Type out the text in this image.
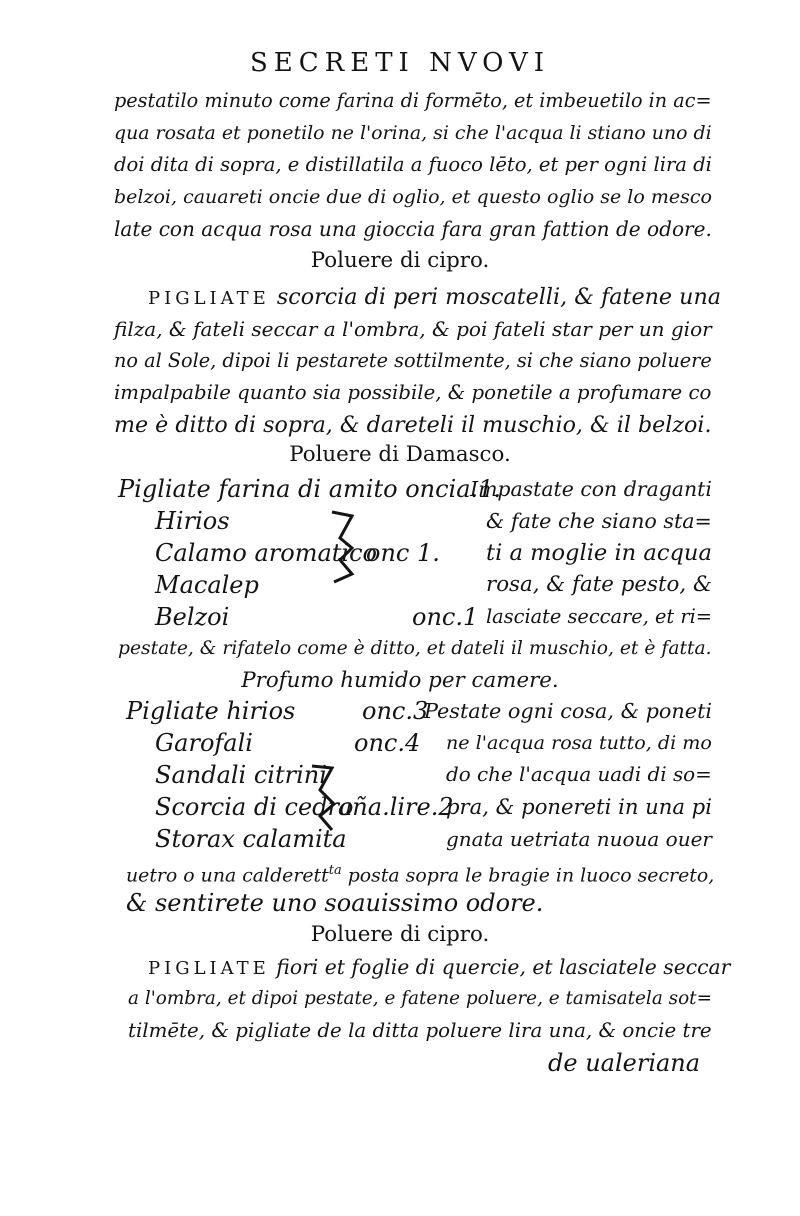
SECRETI NVOVI
pestatilo minuto come farina di formēto, et imbeuetilo in ac=
qua rosata et ponetilo ne l'orina, si che l'acqua li stiano uno di
doi dita di sopra, e distillatila a fuoco lēto, et per ogni lira di
belzoi, cauareti oncie due di oglio, et questo oglio se lo mesco
late con acqua rosa una gioccia fara gran fattion de odore.
Poluere di cipro.
PIGLIATE scorcia di peri moscatelli, & fatene una
filza, & fateli seccar a l'ombra, & poi fateli star per un gior
no al Sole, dipoi li pestarete sottilmente, si che siano poluere
impalpabile quanto sia possibile, & ponetile a profumare co
me è ditto di sopra, & dareteli il muschio, & il belzoi.
Poluere di Damasco.
Pigliate farina di amito oncia.1.
Hirios
Calamo aromatico
Macalep
Belzoi
onc 1.
onc.1
Impastate con draganti
& fate che siano sta=
ti a moglie in acqua
rosa, & fate pesto, &
lasciate seccare, et ri=
pestate, & rifatelo come è ditto, et dateli il muschio, et è fatta.
Profumo humido per camere.
Pigliate hirios
Garofali
Sandali citrini
Scorcia di cedro
Storax calamita
onc.3
onc.4
aña.lire.2
Pestate ogni cosa, & poneti
ne l'acqua rosa tutto, di mo
do che l'acqua uadi di so=
pra, & ponereti in una pi
gnata uetriata nuoua ouer
uetro o una calderett$^{ta}$ posta sopra le bragie in luoco secreto,
& sentirete uno soauissimo odore.
Poluere di cipro.
PIGLIATE fiori et foglie di quercie, et lasciatele seccar
a l'ombra, et dipoi pestate, e fatene poluere, e tamisatela sot=
tilmēte, & pigliate de la ditta poluere lira una, & oncie tre
de ualeriana
